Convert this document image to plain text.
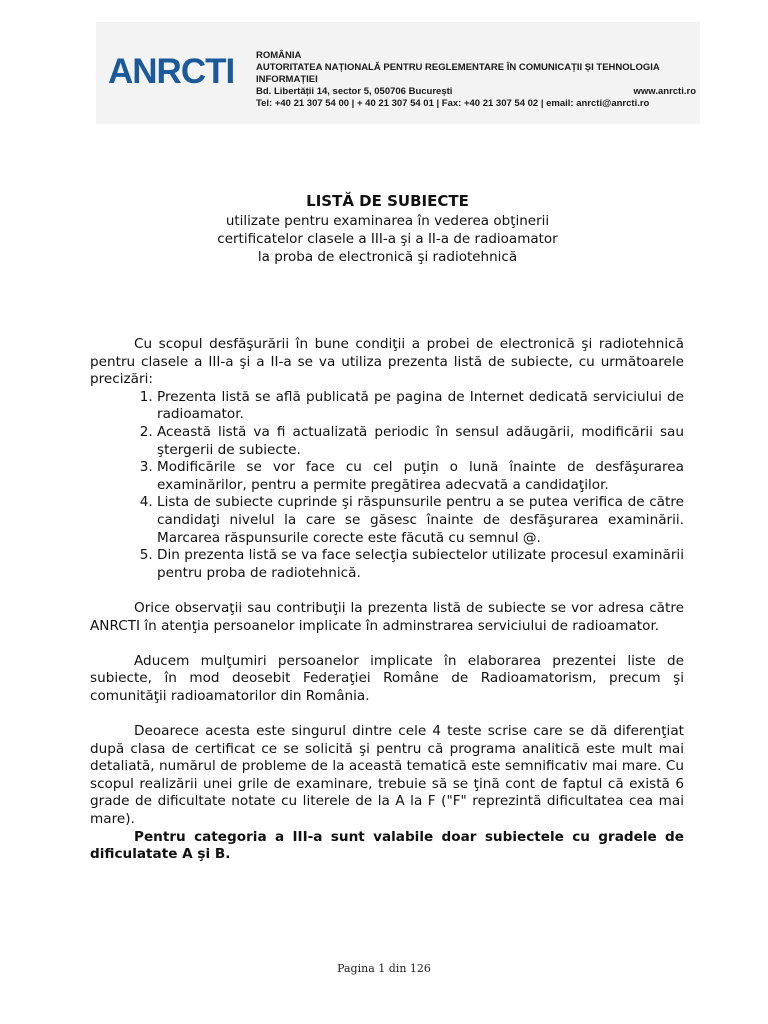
ANRCTI ROMÂNIA
AUTORITATEA NAȚIONALĂ PENTRU REGLEMENTARE ÎN COMUNICAȚII ȘI TEHNOLOGIA INFORMAȚIEI
Bd. Libertății 14, sector 5, 050706 București	www.anrcti.ro
Tel: +40 21 307 54 00 | + 40 21 307 54 01 | Fax: +40 21 307 54 02 | email: anrcti@anrcti.ro
LISTĂ DE SUBIECTE
utilizate pentru examinarea în vederea obţinerii
certificatelor clasele a III-a şi a II-a de radioamator
la proba de electronică şi radiotehnică

Cu scopul desfăşurării în bune condiţii a probei de electronică şi radiotehnică pentru clasele a III-a şi a II-a se va utiliza prezenta listă de subiecte, cu următoarele precizări:

1. Prezenta listă se află publicată pe pagina de Internet dedicată serviciului de radioamator.
2. Această listă va fi actualizată periodic în sensul adăugării, modificării sau ştergerii de subiecte.
3. Modificările se vor face cu cel puţin o lună înainte de desfăşurarea examinărilor, pentru a permite pregătirea adecvată a candidaţilor.
4. Lista de subiecte cuprinde şi răspunsurile pentru a se putea verifica de către candidaţi nivelul la care se găsesc înainte de desfăşurarea examinării. Marcarea răspunsurile corecte este făcută cu semnul @.
5. Din prezenta listă se va face selecţia subiectelor utilizate procesul examinării pentru proba de radiotehnică.

Orice observaţii sau contribuţii la prezenta listă de subiecte se vor adresa către ANRCTI în atenţia persoanelor implicate în adminstrarea serviciului de radioamator.

Aducem mulţumiri persoanelor implicate în elaborarea prezentei liste de subiecte, în mod deosebit Federaţiei Române de Radioamatorism, precum şi comunităţii radioamatorilor din România.

Deoarece acesta este singurul dintre cele 4 teste scrise care se dă diferenţiat după clasa de certificat ce se solicită şi pentru că programa analitică este mult mai detaliată, numărul de probleme de la această tematică este semnificativ mai mare. Cu scopul realizării unei grile de examinare, trebuie să se ţină cont de faptul că există 6 grade de dificultate notate cu literele de la A la F ("F" reprezintă dificultatea cea mai mare).

Pentru categoria a III-a sunt valabile doar subiectele cu gradele de dificulatate A şi B.

Pagina 1 din 126
